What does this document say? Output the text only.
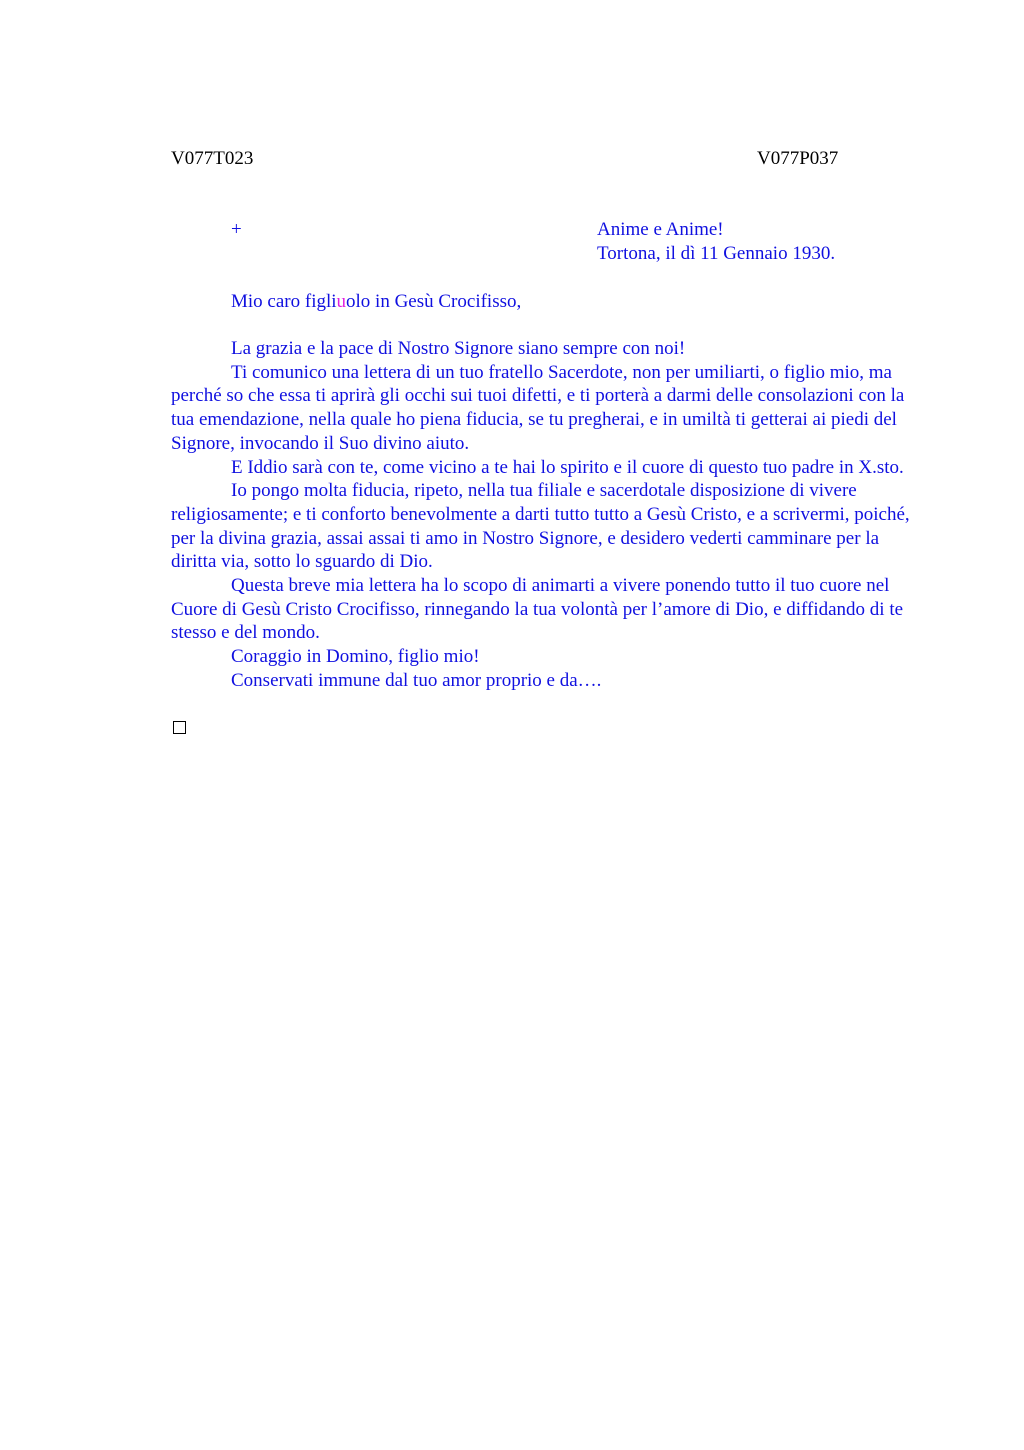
V077T023	V077P037
+	Anime e Anime!
Tortona, il dì 11 Gennaio 1930.
Mio caro figliuolo in Gesù Crocifisso,

La grazia e la pace di Nostro Signore siano sempre con noi!

Ti comunico una lettera di un tuo fratello Sacerdote, non per umiliarti, o figlio mio, ma perché so che essa ti aprirà gli occhi sui tuoi difetti, e ti porterà a darmi delle consolazioni con la tua emendazione, nella quale ho piena fiducia, se tu pregherai, e in umiltà ti getterai ai piedi del Signore, invocando il Suo divino aiuto.

E Iddio sarà con te, come vicino a te hai lo spirito e il cuore di questo tuo padre in X.sto.

Io pongo molta fiducia, ripeto, nella tua filiale e sacerdotale disposizione di vivere religiosamente; e ti conforto benevolmente a darti tutto tutto a Gesù Cristo, e a scrivermi, poiché, per la divina grazia, assai assai ti amo in Nostro Signore, e desidero vederti camminare per la diritta via, sotto lo sguardo di Dio.

Questa breve mia lettera ha lo scopo di animarti a vivere ponendo tutto il tuo cuore nel Cuore di Gesù Cristo Crocifisso, rinnegando la tua volontà per l’amore di Dio, e diffidando di te stesso e del mondo.

Coraggio in Domino, figlio mio!

Conservati immune dal tuo amor proprio e da….
